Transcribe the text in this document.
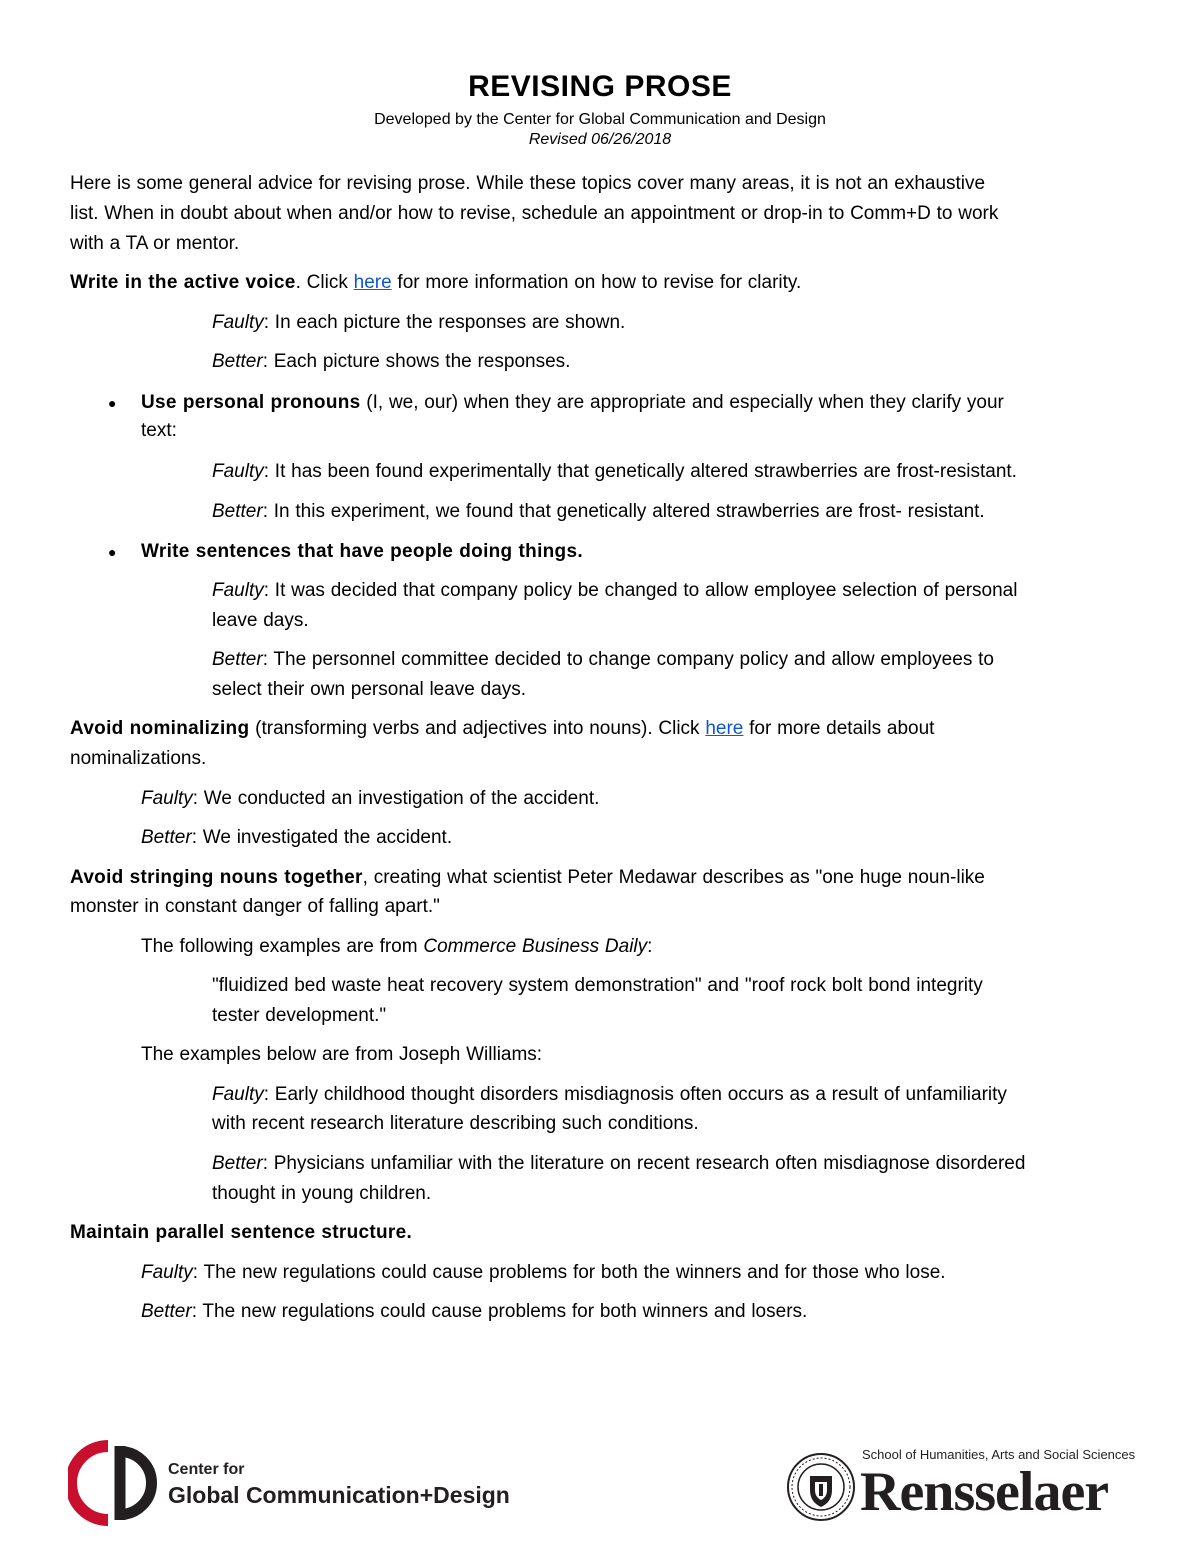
REVISING PROSE
Developed by the Center for Global Communication and Design
Revised 06/26/2018
Here is some general advice for revising prose. While these topics cover many areas, it is not an exhaustive
list. When in doubt about when and/or how to revise, schedule an appointment or drop-in to Comm+D to work
with a TA or mentor.
Write in the active voice. Click here for more information on how to revise for clarity.
Faulty: In each picture the responses are shown.
Better: Each picture shows the responses.
● Use personal pronouns (I, we, our) when they are appropriate and especially when they clarify your
text:
Faulty: It has been found experimentally that genetically altered strawberries are frost-resistant.
Better: In this experiment, we found that genetically altered strawberries are frost- resistant.
● Write sentences that have people doing things.
Faulty: It was decided that company policy be changed to allow employee selection of personal
leave days.
Better: The personnel committee decided to change company policy and allow employees to
select their own personal leave days.
Avoid nominalizing (transforming verbs and adjectives into nouns). Click here for more details about
nominalizations.
Faulty: We conducted an investigation of the accident.
Better: We investigated the accident.
Avoid stringing nouns together, creating what scientist Peter Medawar describes as "one huge noun-like
monster in constant danger of falling apart."
The following examples are from Commerce Business Daily:
"fluidized bed waste heat recovery system demonstration" and "roof rock bolt bond integrity
tester development."
The examples below are from Joseph Williams:
Faulty: Early childhood thought disorders misdiagnosis often occurs as a result of unfamiliarity
with recent research literature describing such conditions.
Better: Physicians unfamiliar with the literature on recent research often misdiagnose disordered
thought in young children.
Maintain parallel sentence structure.
Faulty: The new regulations could cause problems for both the winners and for those who lose.
Better: The new regulations could cause problems for both winners and losers.
Center for
Global Communication+Design
School of Humanities, Arts and Social Sciences
Rensselaer
